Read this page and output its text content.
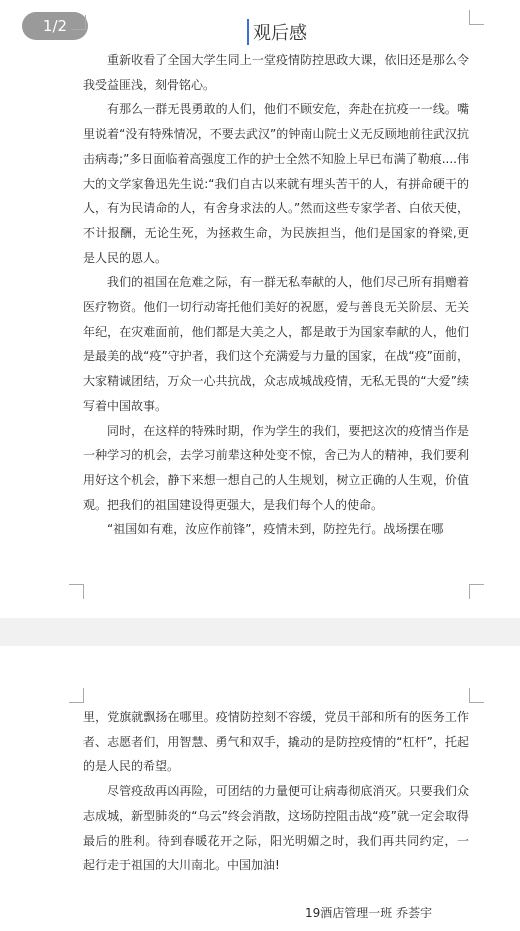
1/2	观后感

重新收看了全国大学生同上一堂疫情防控思政大课，依旧还是那么令我受益匪浅，刻骨铭心。

有那么一群无畏勇敢的人们，他们不顾安危，奔赴在抗疫一一线。嘴里说着“没有特殊情况，不要去武汉”的钟南山院士义无反顾地前往武汉抗击病毒;”多日面临着高强度工作的护士全然不知脸上早已布满了勒痕....伟大的文学家鲁迅先生说:“我们自古以来就有埋头苦干的人，有拼命硬干的人，有为民请命的人，有舍身求法的人。”然而这些专家学者、白依天使，不计报酬，无论生死，为拯救生命，为民族担当，他们是国家的脊梁,更是人民的恩人。

我们的祖国在危难之际，有一群无私奉献的人，他们尽己所有捐赠着医疗物资。他们一切行动寄托他们美好的祝愿，爱与善良无关阶层、无关年纪，在灾难面前，他们都是大美之人，都是敢于为国家奉献的人，他们是最美的战“疫”守护者，我们这个充满爱与力量的国家，在战“疫”面前，大家精诚团结，万众一心共抗战，众志成城战疫情，无私无畏的“大爱”续写着中国故事。

同时，在这样的特殊时期，作为学生的我们，要把这次的疫情当作是一种学习的机会，去学习前辈这种处变不惊，舍己为人的精神，我们要利用好这个机会，静下来想一想自己的人生规划，树立正确的人生观，价值观。把我们的祖国建设得更强大，是我们每个人的使命。

“祖国如有难，汝应作前锋”，疫情未到，防控先行。战场摆在哪

里，党旗就飘扬在哪里。疫情防控刻不容缓，党员干部和所有的医务工作者、志愿者们，用智慧、勇气和双手，撬动的是防控疫情的“杠杆”，托起的是人民的希望。

尽管疫敌再凶再险，可团结的力量便可让病毒彻底消灭。只要我们众志成城，新型肺炎的“乌云”终会消散，这场防控阻击战“疫”就一定会取得最后的胜利。待到春暖花开之际，阳光明媚之时，我们再共同约定，一 起行走于祖国的大川南北。中国加油!

19酒店管理一班 乔荟宇
